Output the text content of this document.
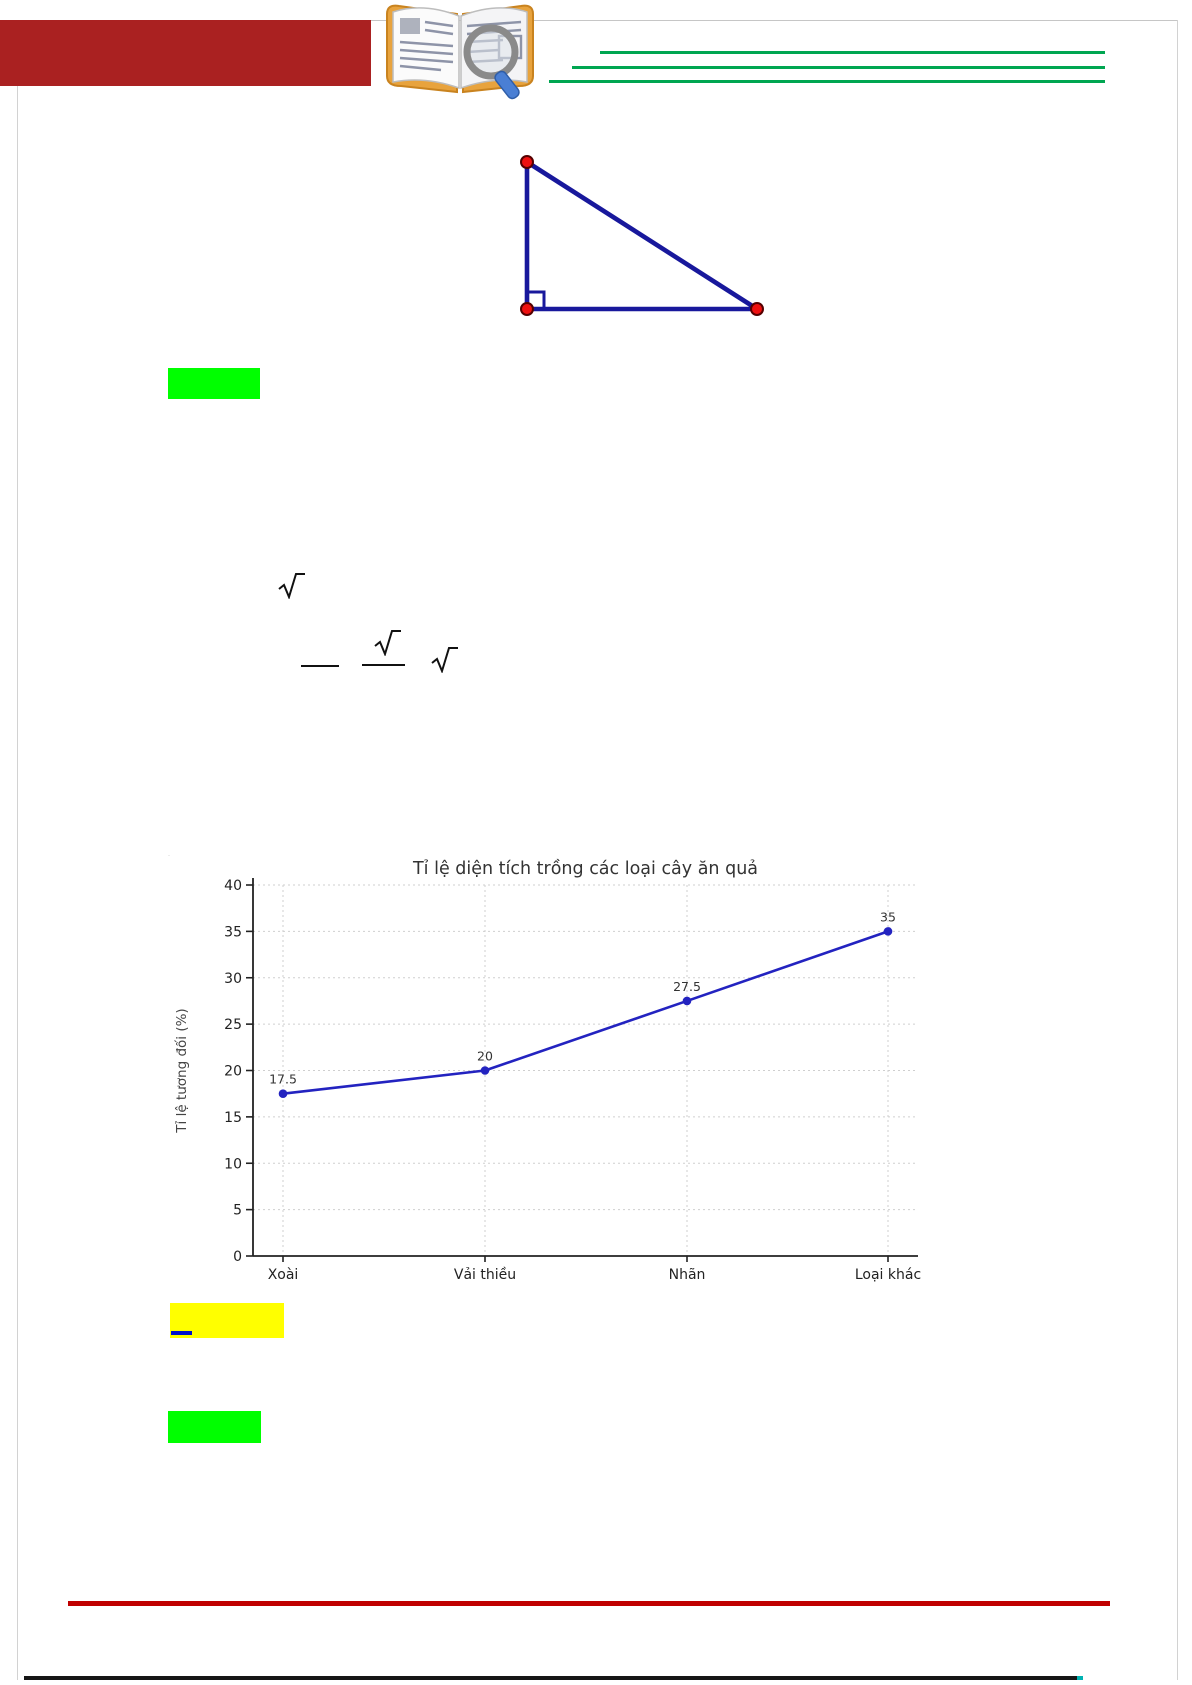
0
5
10
15
20
25
30
35
40
Xoài	Vải thiều	Nhãn	Loại khác
17.5
20
27.5
35
Tỉ lệ diện tích trồng các loại cây ăn quả
Tỉ lệ tương đối (%)
